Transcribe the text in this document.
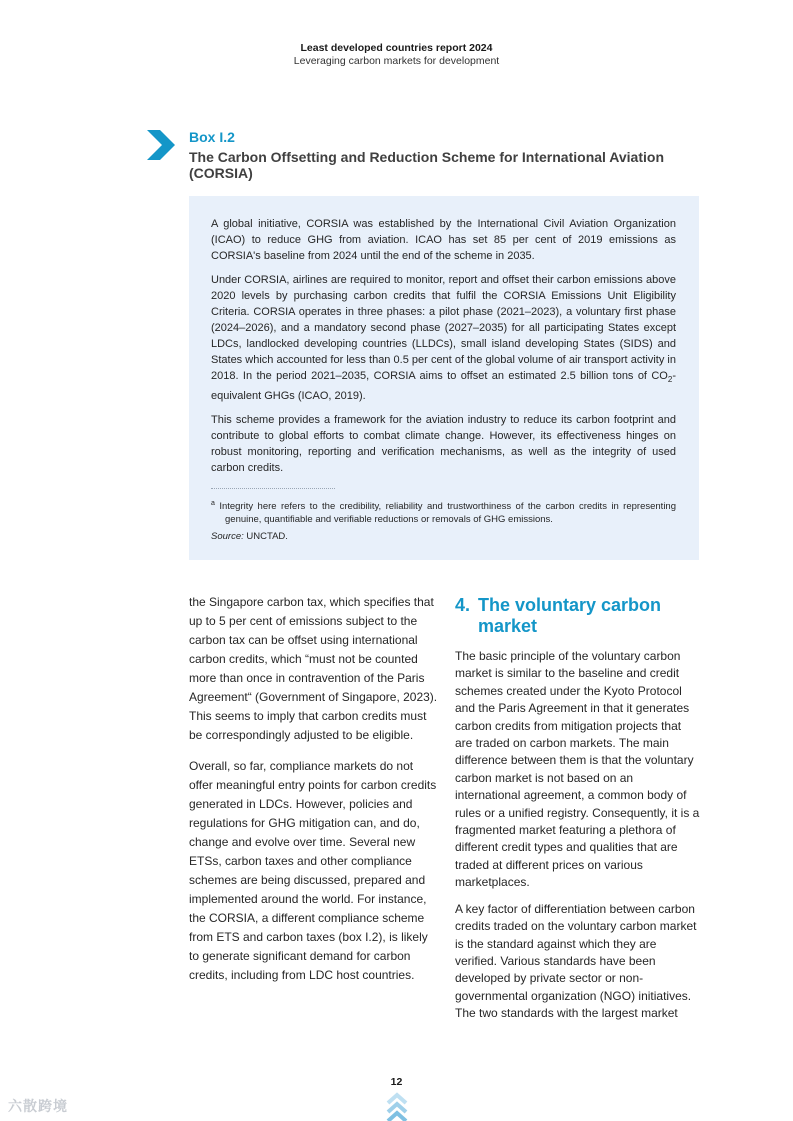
Least developed countries report 2024
Leveraging carbon markets for development
Box I.2
The Carbon Offsetting and Reduction Scheme for International Aviation (CORSIA)

A global initiative, CORSIA was established by the International Civil Aviation Organization (ICAO) to reduce GHG from aviation. ICAO has set 85 per cent of 2019 emissions as CORSIA's baseline from 2024 until the end of the scheme in 2035.

Under CORSIA, airlines are required to monitor, report and offset their carbon emissions above 2020 levels by purchasing carbon credits that fulfil the CORSIA Emissions Unit Eligibility Criteria. CORSIA operates in three phases: a pilot phase (2021–2023), a voluntary first phase (2024–2026), and a mandatory second phase (2027–2035) for all participating States except LDCs, landlocked developing countries (LLDCs), small island developing States (SIDS) and States which accounted for less than 0.5 per cent of the global volume of air transport activity in 2018. In the period 2021–2035, CORSIA aims to offset an estimated 2.5 billion tons of $CO_2$-equivalent GHGs (ICAO, 2019).

This scheme provides a framework for the aviation industry to reduce its carbon footprint and contribute to global efforts to combat climate change. However, its effectiveness hinges on robust monitoring, reporting and verification mechanisms, as well as the integrity of used carbon credits.

$^a$ Integrity here refers to the credibility, reliability and trustworthiness of the carbon credits in representing genuine, quantifiable and verifiable reductions or removals of GHG emissions.

Source: UNCTAD.

the Singapore carbon tax, which specifies that up to 5 per cent of emissions subject to the carbon tax can be offset using international carbon credits, which “must not be counted more than once in contravention of the Paris Agreement“ (Government of Singapore, 2023). This seems to imply that carbon credits must be correspondingly adjusted to be eligible.

Overall, so far, compliance markets do not offer meaningful entry points for carbon credits generated in LDCs. However, policies and regulations for GHG mitigation can, and do, change and evolve over time. Several new ETSs, carbon taxes and other compliance schemes are being discussed, prepared and implemented around the world. For instance, the CORSIA, a different compliance scheme from ETS and carbon taxes (box I.2), is likely to generate significant demand for carbon credits, including from LDC host countries.

4. The voluntary carbon market

The basic principle of the voluntary carbon market is similar to the baseline and credit schemes created under the Kyoto Protocol and the Paris Agreement in that it generates carbon credits from mitigation projects that are traded on carbon markets. The main difference between them is that the voluntary carbon market is not based on an international agreement, a common body of rules or a unified registry. Consequently, it is a fragmented market featuring a plethora of different credit types and qualities that are traded at different prices on various marketplaces.

A key factor of differentiation between carbon credits traded on the voluntary carbon market is the standard against which they are verified. Various standards have been developed by private sector or non-governmental organization (NGO) initiatives. The two standards with the largest market

12
六散跨境
